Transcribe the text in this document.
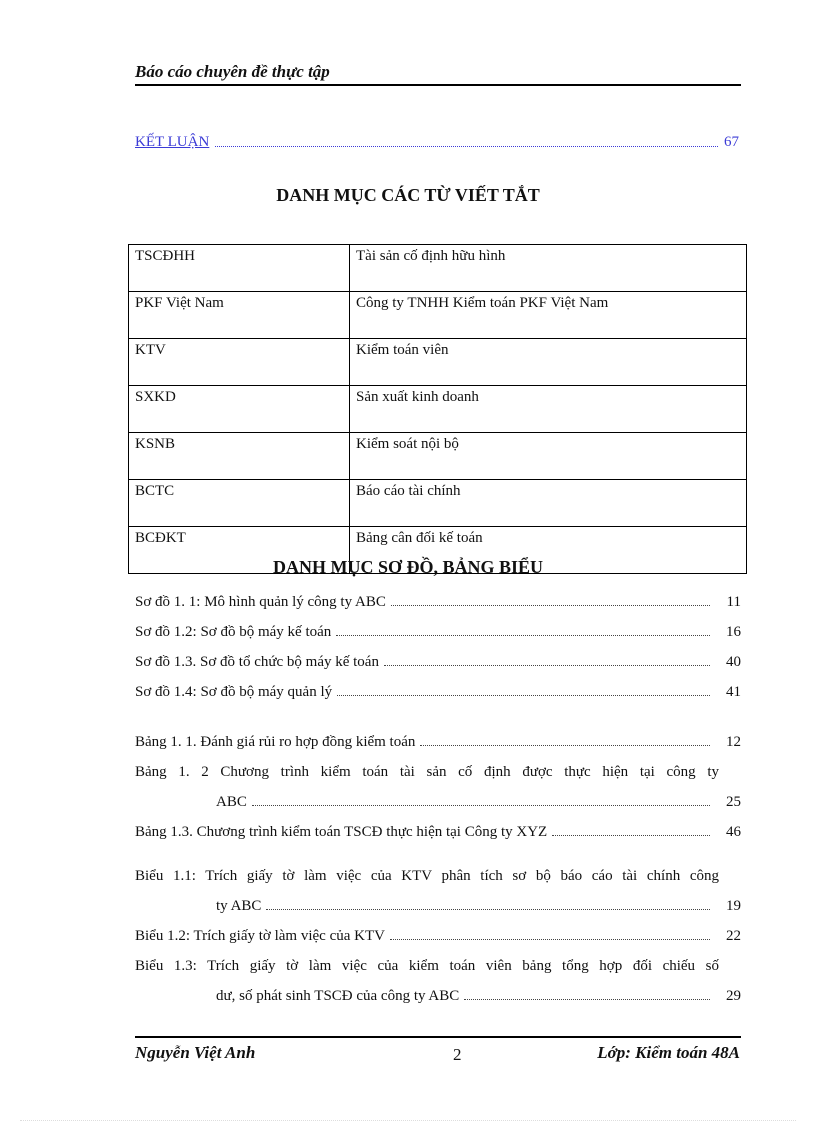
Báo cáo chuyên đề thực tập
KẾT LUẬN	67
DANH MỤC CÁC TỪ VIẾT TẮT
TSCĐHH	Tài sản cố định hữu hình
PKF Việt Nam	Công ty TNHH Kiểm toán PKF Việt Nam
KTV	Kiểm toán viên
SXKD	Sản xuất kinh doanh
KSNB	Kiểm soát nội bộ
BCTC	Báo cáo tài chính
BCĐKT	Bảng cân đối kế toán
DANH MỤC SƠ ĐỒ, BẢNG BIỂU
Sơ đồ 1. 1: Mô hình quản lý công ty ABC	11
Sơ đồ 1.2: Sơ đồ bộ máy kế toán	16
Sơ đồ 1.3. Sơ đồ tổ chức bộ máy kế toán	40
Sơ đồ 1.4: Sơ đồ bộ máy quản lý	41
Bảng 1. 1. Đánh giá rủi ro hợp đồng kiểm toán	12
Bảng 1. 2 Chương trình kiểm toán tài sản cố định được thực hiện tại công ty
ABC	25
Bảng 1.3. Chương trình kiểm toán TSCĐ thực hiện tại Công ty XYZ	46
Biểu 1.1: Trích giấy tờ làm việc của KTV phân tích sơ bộ báo cáo tài chính công
ty ABC	19
Biểu 1.2: Trích giấy tờ làm việc của KTV	22
Biểu 1.3: Trích giấy tờ làm việc của kiểm toán viên bảng tổng hợp đối chiếu số
dư, số phát sinh TSCĐ của công ty ABC	29
Nguyễn Việt Anh	2	Lớp: Kiểm toán 48A
